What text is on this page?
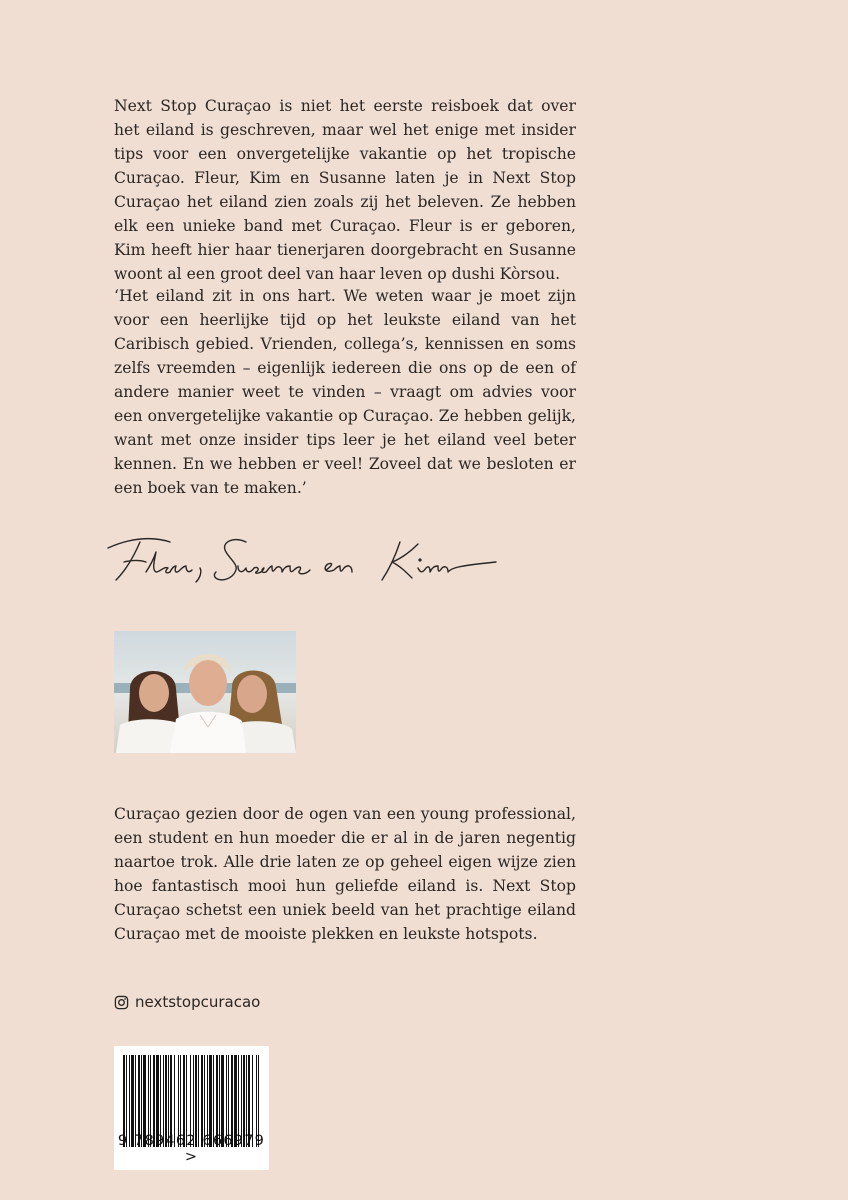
Next Stop Curaçao is niet het eerste reisboek dat over het eiland is geschreven, maar wel het enige met insider tips voor een onvergetelijke vakantie op het tropische Curaçao. Fleur, Kim en Susanne laten je in Next Stop Curaçao het eiland zien zoals zij het beleven. Ze hebben elk een unieke band met Curaçao. Fleur is er geboren, Kim heeft hier haar tienerjaren doorgebracht en Susanne woont al een groot deel van haar leven op dushi Kòrsou.

‘Het eiland zit in ons hart. We weten waar je moet zijn voor een heerlijke tijd op het leukste eiland van het Caribisch gebied. Vrienden, collega’s, kennissen en soms zelfs vreemden – eigenlijk iedereen die ons op de een of andere manier weet te vinden – vraagt om advies voor een onvergetelijke vakantie op Curaçao. Ze hebben gelijk, want met onze insider tips leer je het eiland veel beter kennen. En we hebben er veel! Zoveel dat we besloten er een boek van te maken.’

Curaçao gezien door de ogen van een young professional, een student en hun moeder die er al in de jaren negentig naartoe trok. Alle drie laten ze op geheel eigen wijze zien hoe fantastisch mooi hun geliefde eiland is. Next Stop Curaçao schetst een uniek beeld van het prachtige eiland Curaçao met de mooiste plekken en leukste hotspots.

nextstopcuracao
9 789462 666979 >
